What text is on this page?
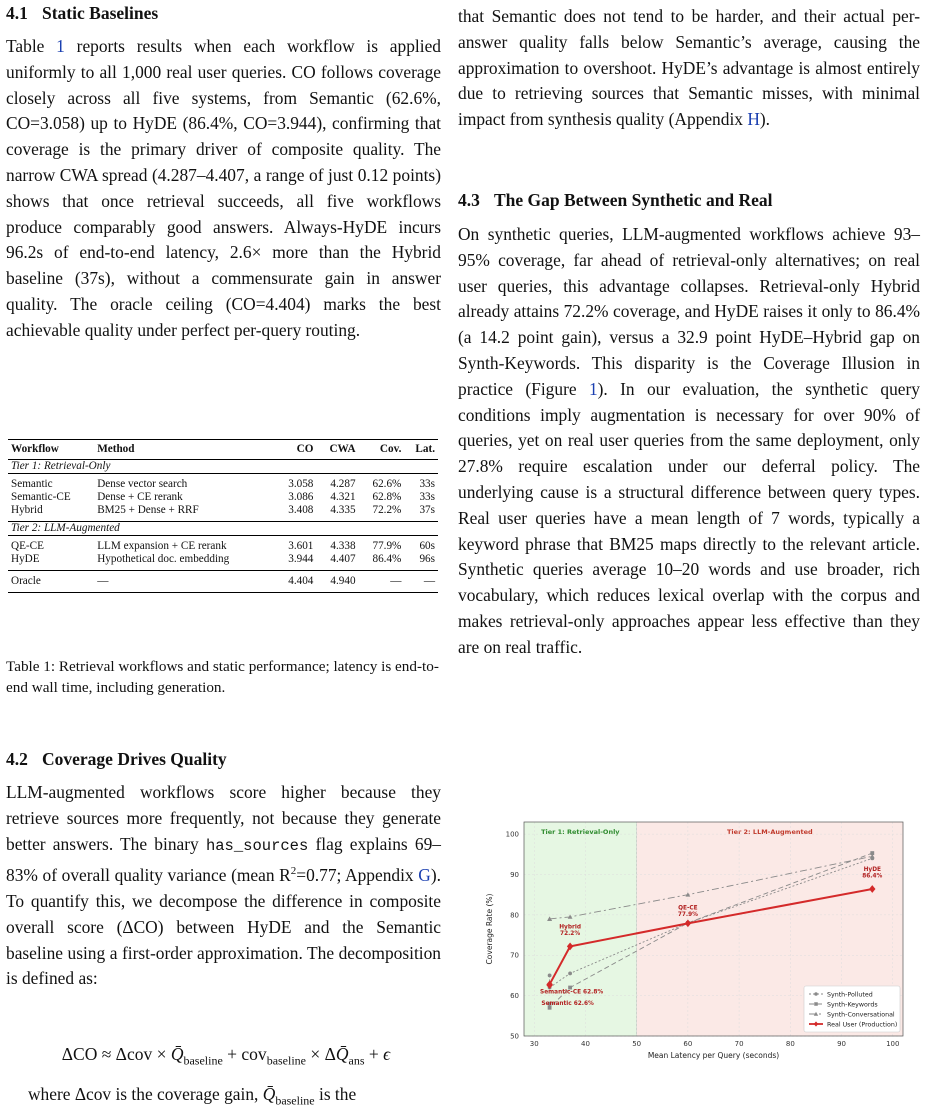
4.1 Static Baselines

Table 1 reports results when each workflow is applied uniformly to all 1,000 real user queries. CO follows coverage closely across all five systems, from Semantic (62.6%, CO=3.058) up to HyDE (86.4%, CO=3.944), confirming that coverage is the primary driver of composite quality. The narrow CWA spread (4.287–4.407, a range of just 0.12 points) shows that once retrieval succeeds, all five workflows produce comparably good answers. Always-HyDE incurs 96.2s of end-to-end latency, 2.6× more than the Hybrid baseline (37s), without a commensurate gain in answer quality. The oracle ceiling (CO=4.404) marks the best achievable quality under perfect per-query routing.

Workflow	Method	CO	CWA	Cov.	Lat.
Tier 1: Retrieval-Only					
Semantic	Dense vector search	3.058	4.287	62.6%	33s
Semantic-CE	Dense + CE rerank	3.086	4.321	62.8%	33s
Hybrid	BM25 + Dense + RRF	3.408	4.335	72.2%	37s
Tier 2: LLM-Augmented					
QE-CE	LLM expansion + CE rerank	3.601	4.338	77.9%	60s
HyDE	Hypothetical doc. embedding	3.944	4.407	86.4%	96s
Oracle	—	4.404	4.940	—	—

Table 1: Retrieval workflows and static performance; latency is end-to-end wall time, including generation.

4.2 Coverage Drives Quality

LLM-augmented workflows score higher because they retrieve sources more frequently, not because they generate better answers. The binary has_sources flag explains 69–83% of overall quality variance (mean $R^2=0.77$; Appendix G). To quantify this, we decompose the difference in composite overall score (ΔCO) between HyDE and the Semantic baseline using a first-order approximation. The decomposition is defined as:

$\Delta CO \approx \Delta cov \times Q̄_{baseline} + cov_{baseline}$ × $\Delta Q̄_{ans} + \epsilon$

where Δcov is the coverage gain, $Q̄_{baseline}$ is the

that Semantic does not tend to be harder, and their actual per-answer quality falls below Semantic’s average, causing the approximation to overshoot. HyDE’s advantage is almost entirely due to retrieving sources that Semantic misses, with minimal impact from synthesis quality (Appendix H).

4.3 The Gap Between Synthetic and Real

On synthetic queries, LLM-augmented workflows achieve 93–95% coverage, far ahead of retrieval-only alternatives; on real user queries, this advantage collapses. Retrieval-only Hybrid already attains 72.2% coverage, and HyDE raises it only to 86.4% (a 14.2 point gain), versus a 32.9 point HyDE–Hybrid gap on Synth-Keywords. This disparity is the Coverage Illusion in practice (Figure 1). In our evaluation, the synthetic query conditions imply augmentation is necessary for over 90% of queries, yet on real user queries from the same deployment, only 27.8% require escalation under our deferral policy. The underlying cause is a structural difference between query types. Real user queries have a mean length of 7 words, typically a keyword phrase that BM25 maps directly to the relevant article. Synthetic queries average 10–20 words and use broader, rich vocabulary, which reduces lexical overlap with the corpus and makes retrieval-only approaches appear less effective than they are on real traffic.

Tier 1: Retrieval-Only	Tier 2: LLM-Augmented
50
60
70
80
90
100
30	40	50	60	70	80	90	100
Mean Latency per Query (seconds)
Coverage Rate (%)	Hybrid
72.2%
QE-CE
77.9%
HyDE
86.4%
Semantic-CE 62.8%
Semantic 62.6%
Synth-Polluted
Synth-Keywords
Synth-Conversational
Real User (Production)
